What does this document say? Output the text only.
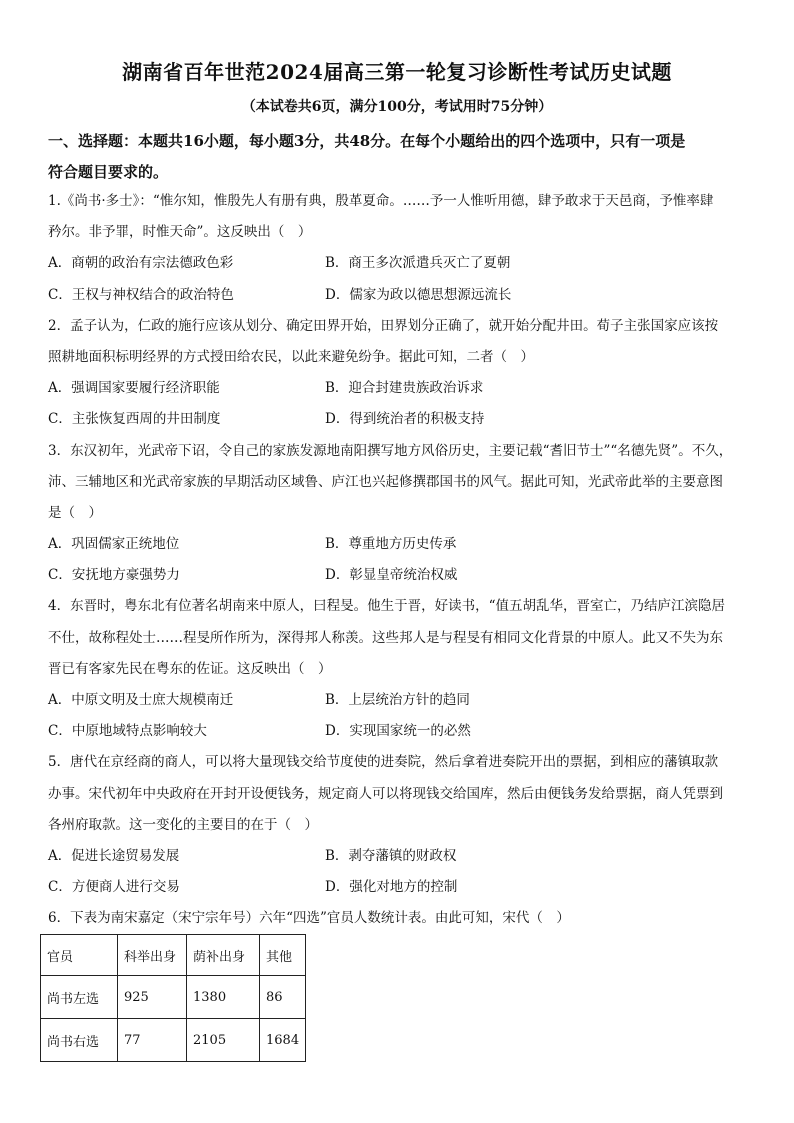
湖南省百年世范2024届高三第一轮复习诊断性考试历史试题
（本试卷共6页，满分100分，考试用时75分钟）
一、选择题：本题共16小题，每小题3分，共48分。在每个小题给出的四个选项中，只有一项是
符合题目要求的。
1.《尚书·多士》：“惟尔知，惟殷先人有册有典，殷革夏命。……予一人惟听用德，肆予敢求于天邑商，予惟率肆
矜尔。非予罪，时惟天命”。这反映出（　）
A．商朝的政治有宗法德政色彩	B．商王多次派遣兵灭亡了夏朝
C．王权与神权结合的政治特色	D．儒家为政以德思想源远流长
2．孟子认为，仁政的施行应该从划分、确定田界开始，田界划分正确了，就开始分配井田。荀子主张国家应该按
照耕地面积标明经界的方式授田给农民，以此来避免纷争。据此可知，二者（　）
A．强调国家要履行经济职能	B．迎合封建贵族政治诉求
C．主张恢复西周的井田制度	D．得到统治者的积极支持
3．东汉初年，光武帝下诏，令自己的家族发源地南阳撰写地方风俗历史，主要记载“耆旧节士”“名德先贤”。不久，
沛、三辅地区和光武帝家族的早期活动区域鲁、庐江也兴起修撰郡国书的风气。据此可知，光武帝此举的主要意图
是（　）
A．巩固儒家正统地位	B．尊重地方历史传承
C．安抚地方豪强势力	D．彰显皇帝统治权威
4．东晋时，粤东北有位著名胡南来中原人，曰程旻。他生于晋，好读书，“值五胡乱华，晋室亡，乃结庐江滨隐居
不仕，故称程处士……程旻所作所为，深得邦人称羡。这些邦人是与程旻有相同文化背景的中原人。此又不失为东
晋已有客家先民在粤东的佐证。这反映出（　）
A．中原文明及士庶大规模南迁	B．上层统治方针的趋同
C．中原地域特点影响较大	D．实现国家统一的必然
5．唐代在京经商的商人，可以将大量现钱交给节度使的进奏院，然后拿着进奏院开出的票据，到相应的藩镇取款
办事。宋代初年中央政府在开封开设便钱务，规定商人可以将现钱交给国库，然后由便钱务发给票据，商人凭票到
各州府取款。这一变化的主要目的在于（　）
A．促进长途贸易发展	B．剥夺藩镇的财政权
C．方便商人进行交易	D．强化对地方的控制
6．下表为南宋嘉定（宋宁宗年号）六年“四选”官员人数统计表。由此可知，宋代（　）
官员	科举出身	荫补出身	其他
尚书左选	925	1380	86
尚书右选	77	2105	1684
